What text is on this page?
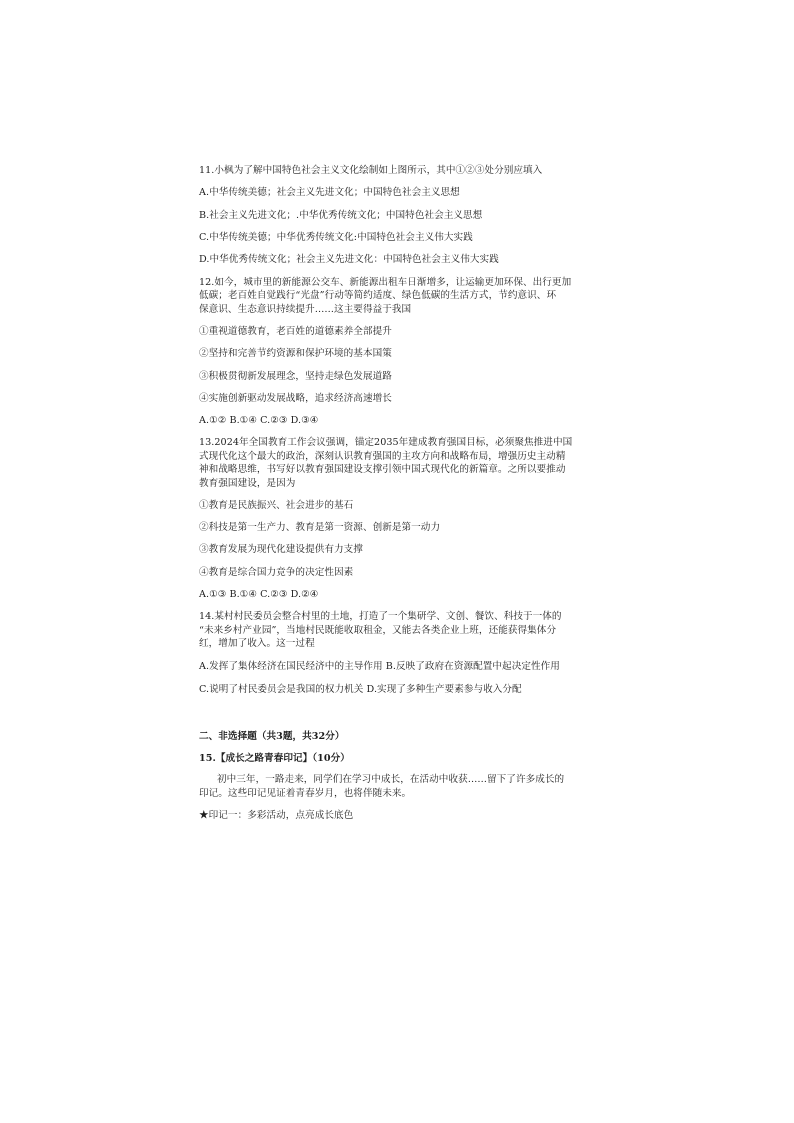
11.小枫为了解中国特色社会主义文化绘制如上图所示，其中①②③处分别应填入
A.中华传统美德；社会主义先进文化；中国特色社会主义思想
B.社会主义先进文化；.中华优秀传统文化；中国特色社会主义思想
C.中华传统美德；中华优秀传统文化:中国特色社会主义伟大实践
D.中华优秀传统文化；社会主义先进文化：中国特色社会主义伟大实践
12.如今，城市里的新能源公交车、新能源出租车日渐增多，让运输更加环保、出行更加
低碳；老百姓自觉践行“光盘”行动等简约适度、绿色低碳的生活方式，节约意识、环
保意识、生态意识持续提升……这主要得益于我国
①重视道德教育，老百姓的道德素养全部提升
②坚持和完善节约资源和保护环境的基本国策
③积极贯彻新发展理念，坚持走绿色发展道路
④实施创新驱动发展战略，追求经济高速增长
A.①② B.①④ C.②③ D.③④
13.2024年全国教育工作会议强调，锚定2035年建成教育强国目标，必须聚焦推进中国
式现代化这个最大的政治，深刻认识教育强国的主攻方向和战略布局，增强历史主动精
神和战略思维，书写好以教育强国建设支撑引领中国式现代化的新篇章。之所以要推动
教育强国建设，是因为
①教育是民族振兴、社会进步的基石
②科技是第一生产力、教育是第一资源、创新是第一动力
③教育发展为现代化建设提供有力支撑
④教育是综合国力竞争的决定性因素
A.①③ B.①④ C.②③ D.②④
14.某村村民委员会整合村里的土地，打造了一个集研学、文创、餐饮、科技于一体的
“未来乡村产业园”，当地村民既能收取租金，又能去各类企业上班，还能获得集体分
红，增加了收入。这一过程
A.发挥了集体经济在国民经济中的主导作用 B.反映了政府在资源配置中起决定性作用
C.说明了村民委员会是我国的权力机关 D.实现了多种生产要素参与收入分配
二、非选择题（共3题，共32分）
15.【成长之路青春印记】（10分）
初中三年，一路走来，同学们在学习中成长，在活动中收获……留下了许多成长的
印记。这些印记见证着青春岁月，也将伴随未来。
★印记一：多彩活动，点亮成长底色
